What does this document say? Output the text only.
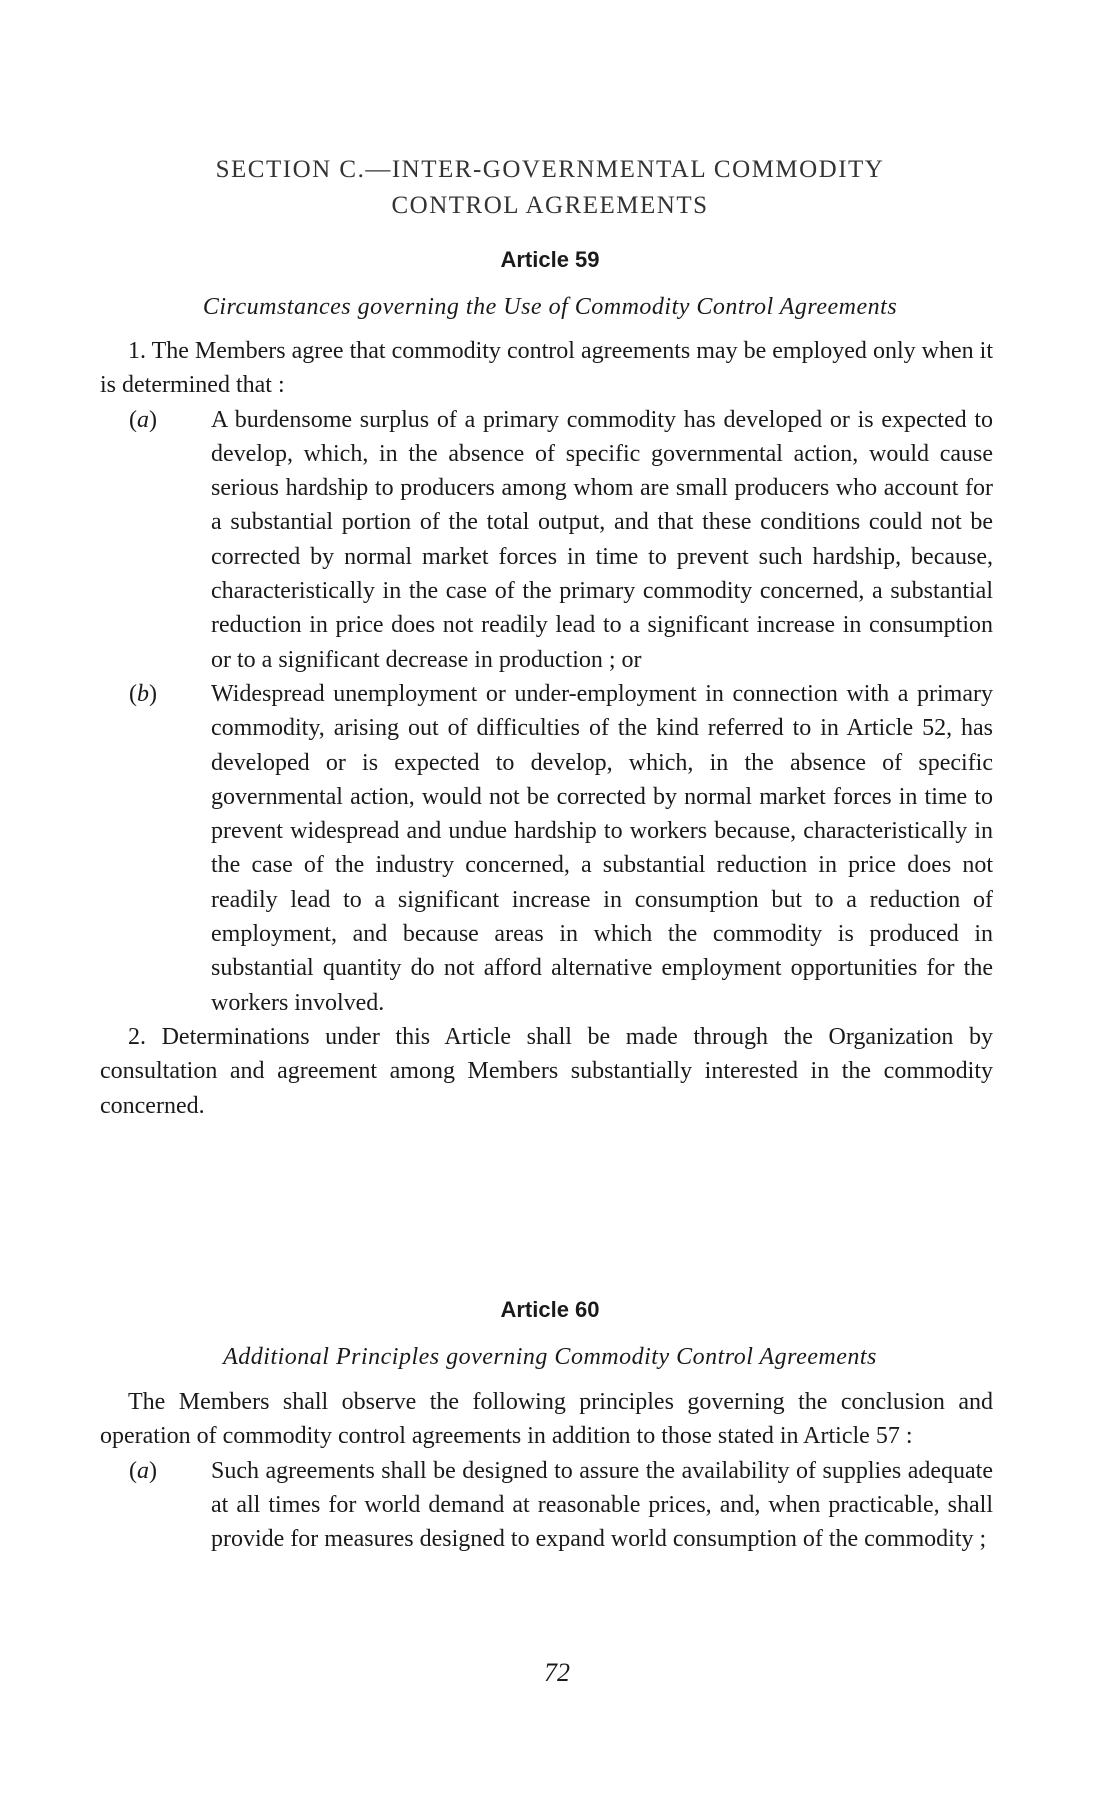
SECTION C.—INTER-GOVERNMENTAL COMMODITY
CONTROL AGREEMENTS
Article 59
Circumstances governing the Use of Commodity Control Agreements

1. The Members agree that commodity control agreements may be employed only when it is determined that :

(a) A burdensome surplus of a primary commodity has developed or is expected to develop, which, in the absence of specific governmental action, would cause serious hardship to producers among whom are small producers who account for a substantial portion of the total output, and that these conditions could not be corrected by normal market forces in time to prevent such hardship, because, characteristically in the case of the primary commodity concerned, a substantial reduction in price does not readily lead to a significant increase in consumption or to a significant decrease in production ; or
(b) Widespread unemployment or under-employment in connection with a primary commodity, arising out of difficulties of the kind referred to in Article 52, has developed or is expected to develop, which, in the absence of specific governmental action, would not be corrected by normal market forces in time to prevent widespread and undue hardship to workers because, characteristically in the case of the industry concerned, a substantial reduction in price does not readily lead to a significant increase in consumption but to a reduction of employment, and because areas in which the commodity is produced in substantial quantity do not afford alternative employment opportunities for the workers involved.

2. Determinations under this Article shall be made through the Organization by consultation and agreement among Members substantially interested in the commodity concerned.

Article 60
Additional Principles governing Commodity Control Agreements

The Members shall observe the following principles governing the conclusion and operation of commodity control agreements in addition to those stated in Article 57 :

(a) Such agreements shall be designed to assure the availability of supplies adequate at all times for world demand at reasonable prices, and, when practicable, shall provide for measures designed to expand world consumption of the commodity ;
72
